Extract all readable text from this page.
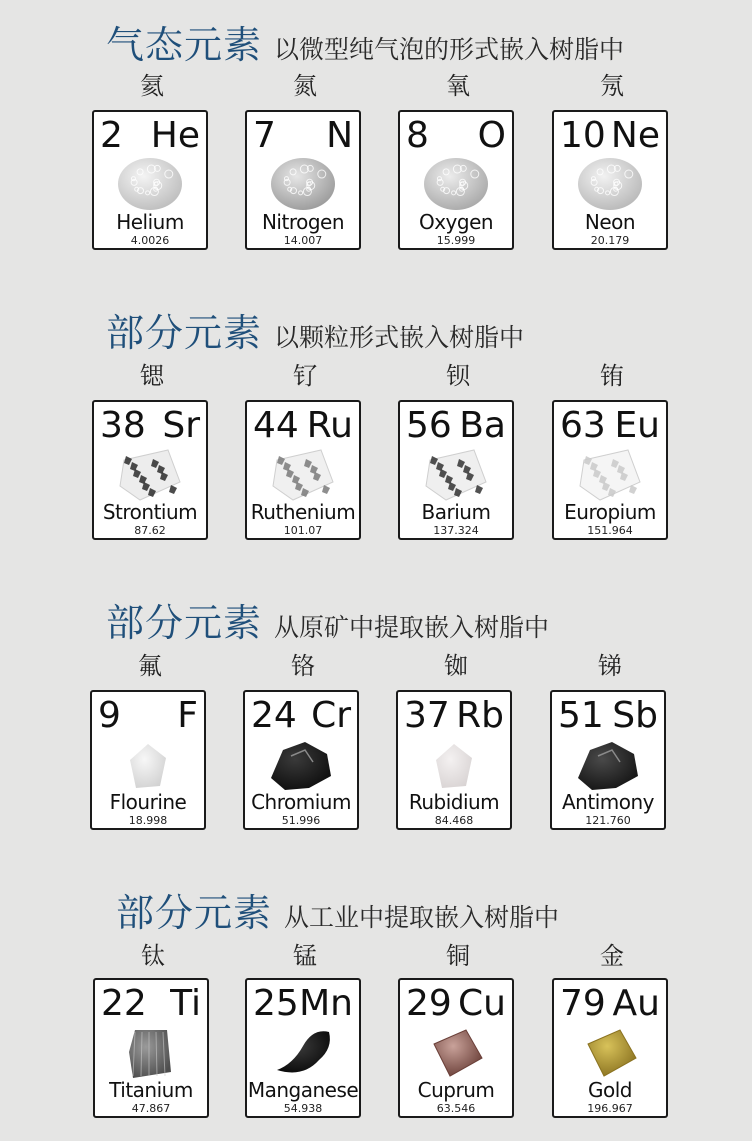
气态元素 以微型纯气泡的形式嵌入树脂中
氦	氮	氧	氖
2 He
Helium
4.0026
7 N
Nitrogen
14.007
8 O
Oxygen
15.999
10 Ne
Neon
20.179
部分元素 以颗粒形式嵌入树脂中
锶	钌	钡	铕
38 Sr
Strontium
87.62
44 Ru
Ruthenium
101.07
56 Ba
Barium
137.324
63 Eu
Europium
151.964
部分元素 从原矿中提取嵌入树脂中
氟	铬	铷	锑
9 F
Flourine
18.998
24 Cr
Chromium
51.996
37 Rb
Rubidium
84.468
51 Sb
Antimony
121.760
部分元素 从工业中提取嵌入树脂中
钛	锰	铜	金
22 Ti
Titanium
47.867
25 Mn
Manganese
54.938
29 Cu
Cuprum
63.546
79 Au
Gold
196.967
